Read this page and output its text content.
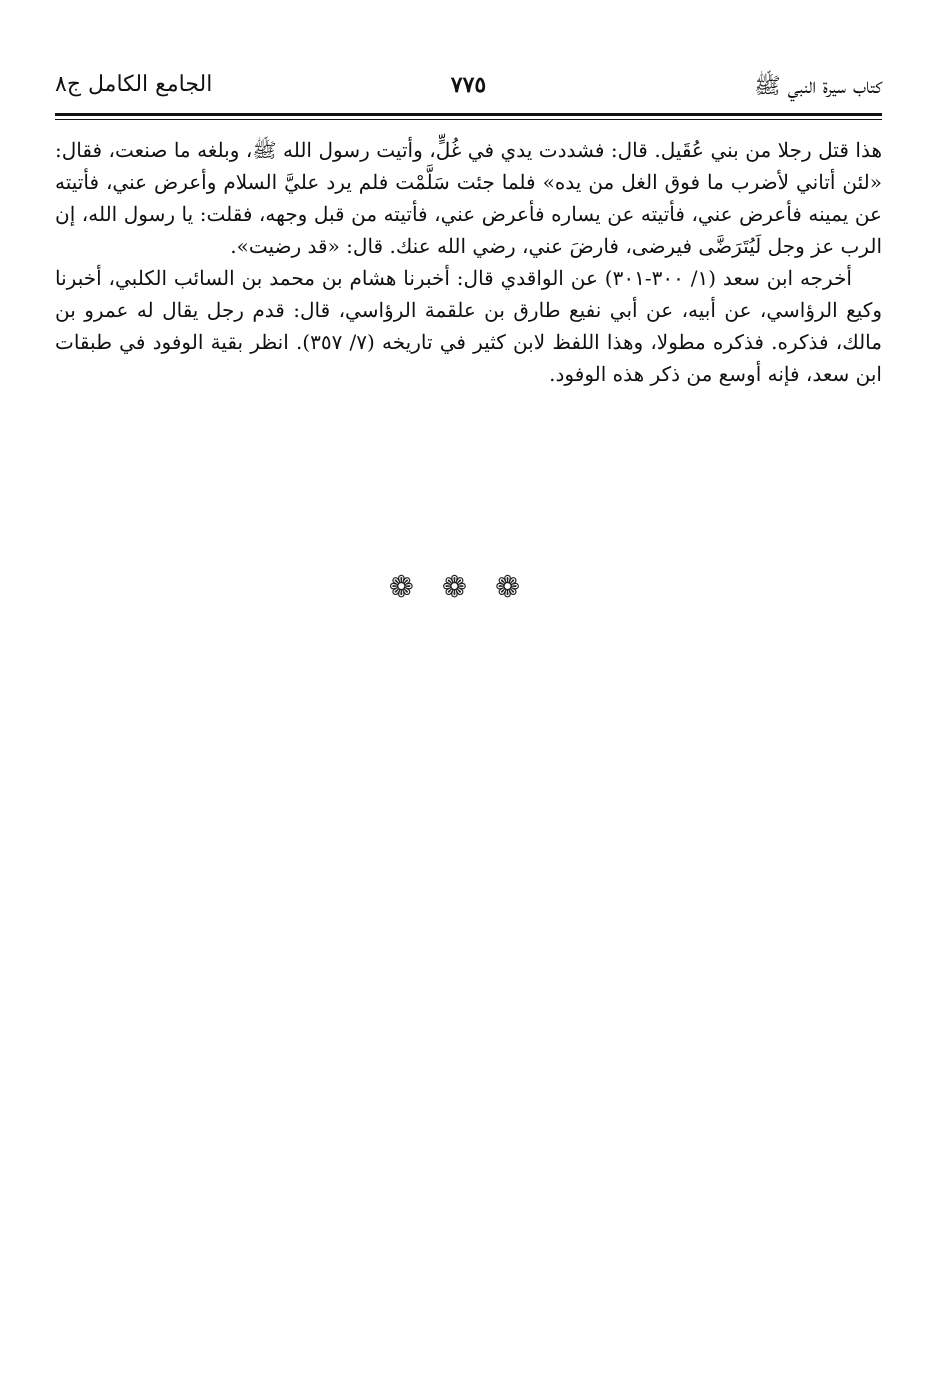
كتاب سيرة النبي ﷺ
٧٧٥
الجامع الكامل ج٨

هذا قتل رجلا من بني عُقَيل. قال: فشددت يدي في غُلٍّ، وأتيت رسول الله ﷺ، وبلغه ما صنعت، فقال: «لئن أتاني لأضرب ما فوق الغل من يده» فلما جئت سَلَّمْت فلم يرد عليَّ السلام وأعرض عني، فأتيته عن يمينه فأعرض عني، فأتيته عن يساره فأعرض عني، فأتيته من قبل وجهه، فقلت: يا رسول الله، إن الرب عز وجل لَيُتَرَضَّى فيرضى، فارضَ عني، رضي الله عنك. قال: «قد رضيت».

أخرجه ابن سعد (١/ ٣٠٠-٣٠١) عن الواقدي قال: أخبرنا هشام بن محمد بن السائب الكلبي، أخبرنا وكيع الرؤاسي، عن أبيه، عن أبي نفيع طارق بن علقمة الرؤاسي، قال: قدم رجل يقال له عمرو بن مالك، فذكره. فذكره مطولا، وهذا اللفظ لابن كثير في تاريخه (٧/ ٣٥٧). انظر بقية الوفود في طبقات ابن سعد، فإنه أوسع من ذكر هذه الوفود.

❁❁❁
